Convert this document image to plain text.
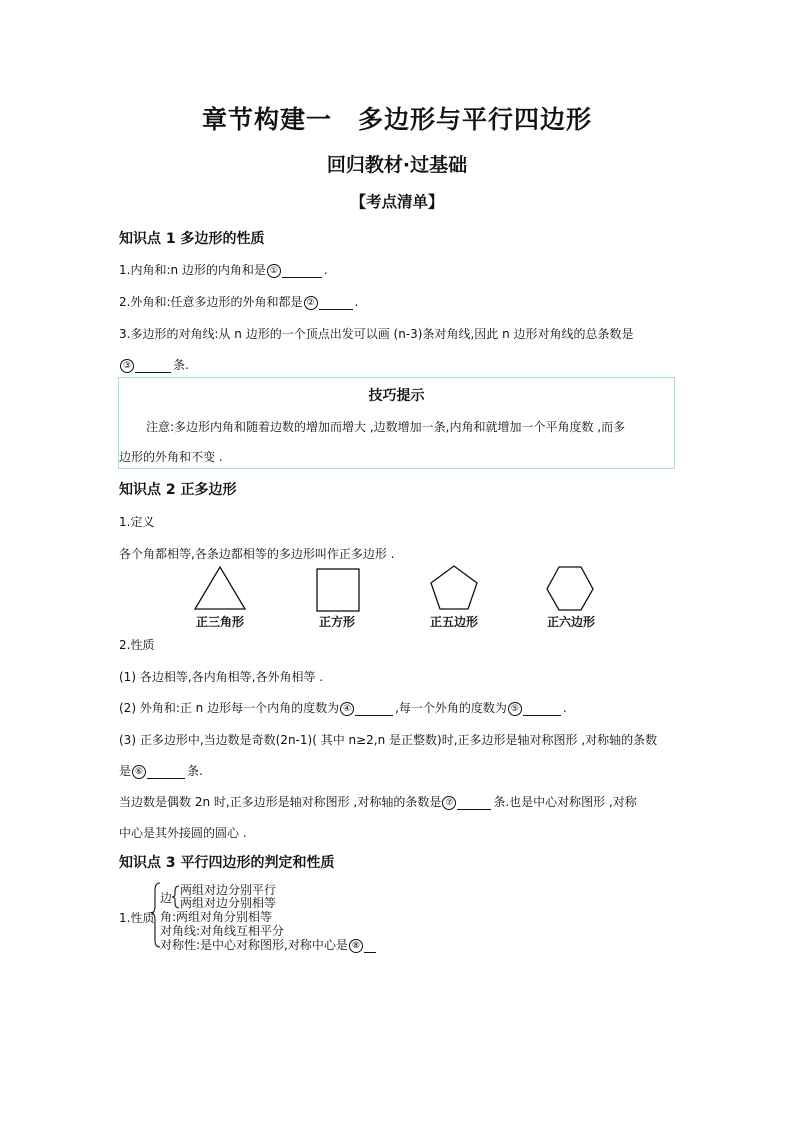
章节构建一　多边形与平行四边形
回归教材·过基础
【考点清单】
知识点 1 多边形的性质
1.内角和:n 边形的内角和是 ①	.
2.外角和:任意多边形的外角和都是 ②	.
3.多边形的对角线:从 n 边形的一个顶点出发可以画 (n-3)条对角线,因此 n 边形对角线的总条数是
③	条.
技巧提示
注意:多边形内角和随着边数的增加而增大 ,边数增加一条,内角和就增加一个平角度数 ,而多
边形的外角和不变 .
知识点 2 正多边形
1.定义
各个角都相等,各条边都相等的多边形叫作正多边形 .
正三角形	正方形	正五边形	正六边形
2.性质
(1) 各边相等,各内角相等,各外角相等 .
(2) 外角和:正 n 边形每一个内角的度数为 ④	,每一个外角的度数为 ⑤	.
(3) 正多边形中,当边数是奇数(2n-1)( 其中 n≥2,n 是正整数)时,正多边形是轴对称图形 ,对称轴的条数
是 ⑥	条.
当边数是偶数 2n 时,正多边形是轴对称图形 ,对称轴的条数是 ⑦	条.也是中心对称图形 ,对称
中心是其外接圆的圆心 .
知识点 3 平行四边形的判定和性质
1.性质
边
两组对边分别平行
两组对边分别相等
角:两组对角分别相等
对角线:对角线互相平分
对称性:是中心对称图形,对称中心是 ⑧
